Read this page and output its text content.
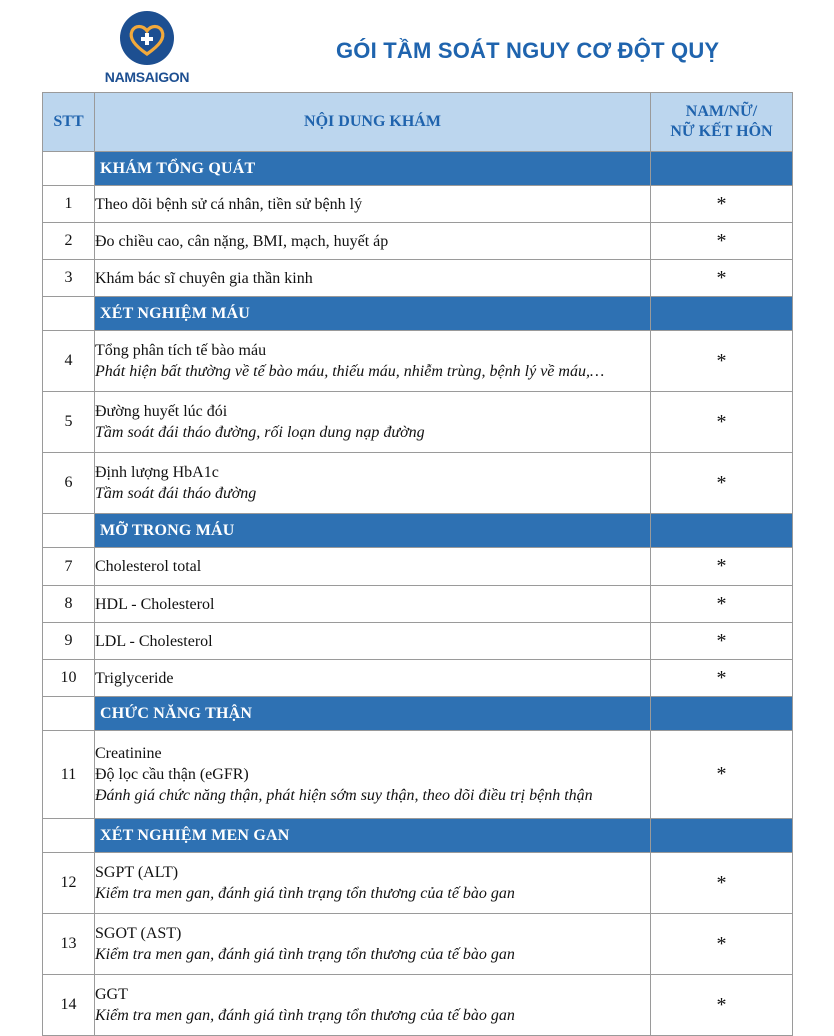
NAMSAIGON
GÓI TẦM SOÁT NGUY CƠ ĐỘT QUỴ
STT	NỘI DUNG KHÁM	NAM/NỮ/
NỮ KẾT HÔN
	KHÁM TỔNG QUÁT	
1	Theo dõi bệnh sử cá nhân, tiền sử bệnh lý	*
2	Đo chiều cao, cân nặng, BMI, mạch, huyết áp	*
3	Khám bác sĩ chuyên gia thần kinh	*
	XÉT NGHIỆM MÁU	
4	Tổng phân tích tế bào máu
Phát hiện bất thường về tế bào máu, thiếu máu, nhiễm trùng, bệnh lý về máu,…	*
5	Đường huyết lúc đói
Tầm soát đái tháo đường, rối loạn dung nạp đường	*
6	Định lượng HbA1c
Tầm soát đái tháo đường	*
	MỠ TRONG MÁU	
7	Cholesterol total	*
8	HDL - Cholesterol	*
9	LDL - Cholesterol	*
10	Triglyceride	*
	CHỨC NĂNG THẬN	
11	Creatinine
Độ lọc cầu thận (eGFR)
Đánh giá chức năng thận, phát hiện sớm suy thận, theo dõi điều trị bệnh thận	*
	XÉT NGHIỆM MEN GAN	
12	SGPT (ALT)
Kiểm tra men gan, đánh giá tình trạng tổn thương của tế bào gan	*
13	SGOT (AST)
Kiểm tra men gan, đánh giá tình trạng tổn thương của tế bào gan	*
14	GGT
Kiểm tra men gan, đánh giá tình trạng tổn thương của tế bào gan	*
